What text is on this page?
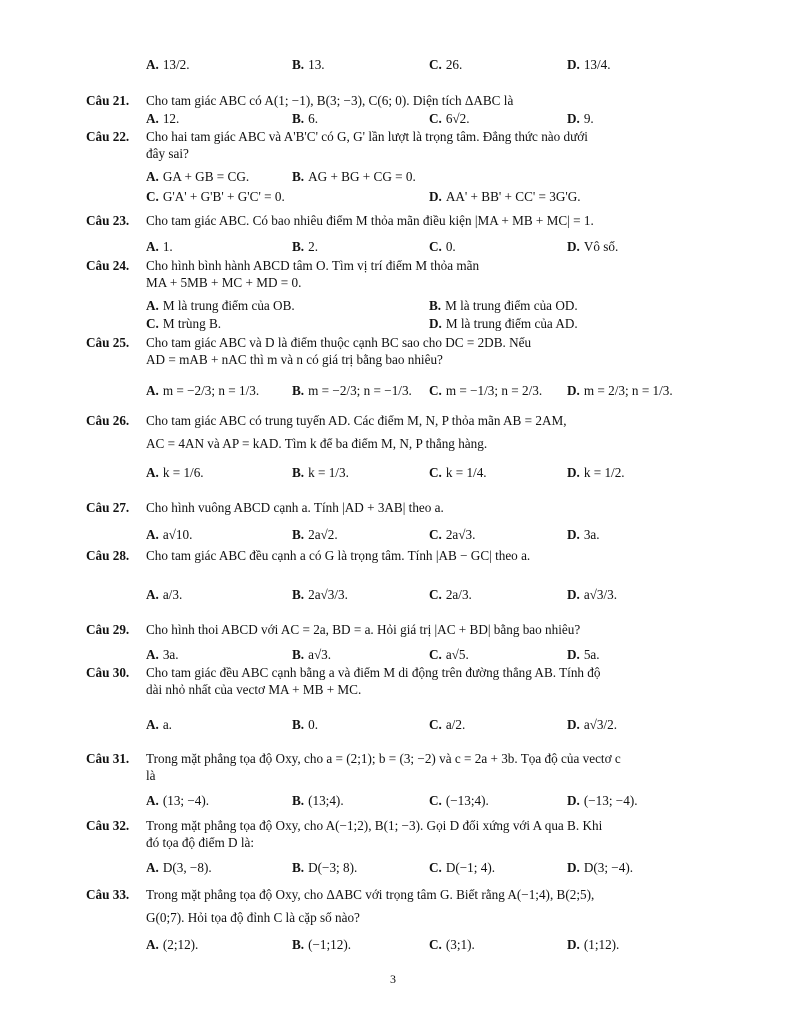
A. 13/2.	B. 13.	C. 26.	D. 13/4.
Câu 21. Cho tam giác ABC có A(1; −1), B(3; −3), C(6; 0). Diện tích ΔABC là
A. 12.	B. 6.	C. 6√2.	D. 9.
Câu 22. Cho hai tam giác ABC và A'B'C' có G, G' lần lượt là trọng tâm. Đẳng thức nào dưới
đây sai?
A. GA + GB = CG.	B. AG + BG + CG = 0.
C. G'A' + G'B' + G'C' = 0.	D. AA' + BB' + CC' = 3G'G.
Câu 23. Cho tam giác ABC. Có bao nhiêu điểm M thỏa mãn điều kiện |MA + MB + MC| = 1.
A. 1.	B. 2.	C. 0.	D. Vô số.
Câu 24. Cho hình bình hành ABCD tâm O. Tìm vị trí điểm M thỏa mãn
MA + 5MB + MC + MD = 0.
A. M là trung điểm của OB.	B. M là trung điểm của OD.
C. M trùng B.	D. M là trung điểm của AD.
Câu 25. Cho tam giác ABC và D là điểm thuộc cạnh BC sao cho DC = 2DB. Nếu
AD = mAB + nAC thì m và n có giá trị bằng bao nhiêu?
A. m = −2/3; n = 1/3. B. m = −2/3; n = −1/3. C. m = −1/3; n = 2/3. D. m = 2/3; n = 1/3.
Câu 26. Cho tam giác ABC có trung tuyến AD. Các điểm M, N, P thỏa mãn AB = 2AM,
AC = 4AN và AP = kAD. Tìm k để ba điểm M, N, P thẳng hàng.
A. k = 1/6.	B. k = 1/3.	C. k = 1/4.	D. k = 1/2.
Câu 27. Cho hình vuông ABCD cạnh a. Tính |AD + 3AB| theo a.
A. a√10.	B. 2a√2.	C. 2a√3.	D. 3a.
Câu 28. Cho tam giác ABC đều cạnh a có G là trọng tâm. Tính |AB − GC| theo a.
A. a/3.	B. 2a√3/3.	C. 2a/3.	D. a√3/3.
Câu 29. Cho hình thoi ABCD với AC = 2a, BD = a. Hỏi giá trị |AC + BD| bằng bao nhiêu?
A. 3a.	B. a√3.	C. a√5.	D. 5a.
Câu 30. Cho tam giác đều ABC cạnh bằng a và điểm M di động trên đường thẳng AB. Tính độ
dài nhỏ nhất của vectơ MA + MB + MC.
A. a.	B. 0.	C. a/2.	D. a√3/2.
Câu 31. Trong mặt phẳng tọa độ Oxy, cho a = (2;1); b = (3; −2) và c = 2a + 3b. Tọa độ của vectơ c
là
A. (13; −4).	B. (13;4).	C. (−13;4).	D. (−13; −4).
Câu 32. Trong mặt phẳng tọa độ Oxy, cho A(−1;2), B(1; −3). Gọi D đối xứng với A qua B. Khi
đó tọa độ điểm D là:
A. D(3, −8).	B. D(−3; 8).	C. D(−1; 4).	D. D(3; −4).
Câu 33. Trong mặt phẳng tọa độ Oxy, cho ΔABC với trọng tâm G. Biết rằng A(−1;4), B(2;5),
G(0;7). Hỏi tọa độ đỉnh C là cặp số nào?
A. (2;12).	B. (−1;12).	C. (3;1).	D. (1;12).
3
